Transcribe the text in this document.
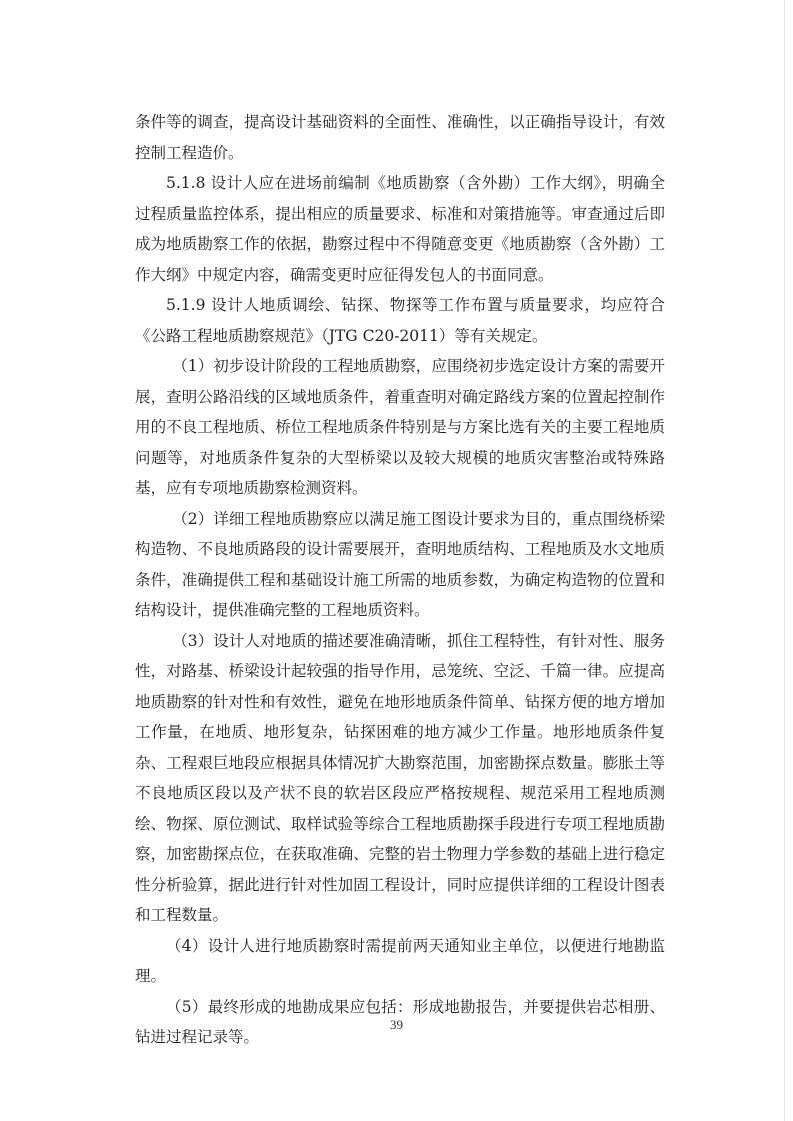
条件等的调查，提高设计基础资料的全面性、准确性，以正确指导设计，有效控制工程造价。

5.1.8 设计人应在进场前编制《地质勘察（含外勘）工作大纲》，明确全过程质量监控体系，提出相应的质量要求、标准和对策措施等。审查通过后即成为地质勘察工作的依据，勘察过程中不得随意变更《地质勘察（含外勘）工作大纲》中规定内容，确需变更时应征得发包人的书面同意。

5.1.9 设计人地质调绘、钻探、物探等工作布置与质量要求，均应符合《公路工程地质勘察规范》（JTG C20-2011）等有关规定。

（1）初步设计阶段的工程地质勘察，应围绕初步选定设计方案的需要开展，查明公路沿线的区域地质条件，着重查明对确定路线方案的位置起控制作用的不良工程地质、桥位工程地质条件特别是与方案比选有关的主要工程地质问题等，对地质条件复杂的大型桥梁以及较大规模的地质灾害整治或特殊路基，应有专项地质勘察检测资料。

（2）详细工程地质勘察应以满足施工图设计要求为目的，重点围绕桥梁构造物、不良地质路段的设计需要展开，查明地质结构、工程地质及水文地质条件，准确提供工程和基础设计施工所需的地质参数，为确定构造物的位置和结构设计，提供准确完整的工程地质资料。

（3）设计人对地质的描述要准确清晰，抓住工程特性，有针对性、服务性，对路基、桥梁设计起较强的指导作用，忌笼统、空泛、千篇一律。应提高地质勘察的针对性和有效性，避免在地形地质条件简单、钻探方便的地方增加工作量，在地质、地形复杂，钻探困难的地方减少工作量。地形地质条件复杂、工程艰巨地段应根据具体情况扩大勘察范围，加密勘探点数量。膨胀土等不良地质区段以及产状不良的软岩区段应严格按规程、规范采用工程地质测绘、物探、原位测试、取样试验等综合工程地质勘探手段进行专项工程地质勘察，加密勘探点位，在获取准确、完整的岩土物理力学参数的基础上进行稳定性分析验算，据此进行针对性加固工程设计，同时应提供详细的工程设计图表和工程数量。

（4）设计人进行地质勘察时需提前两天通知业主单位，以便进行地勘监理。

（5）最终形成的地勘成果应包括：形成地勘报告，并要提供岩芯相册、钻进过程记录等。

39
